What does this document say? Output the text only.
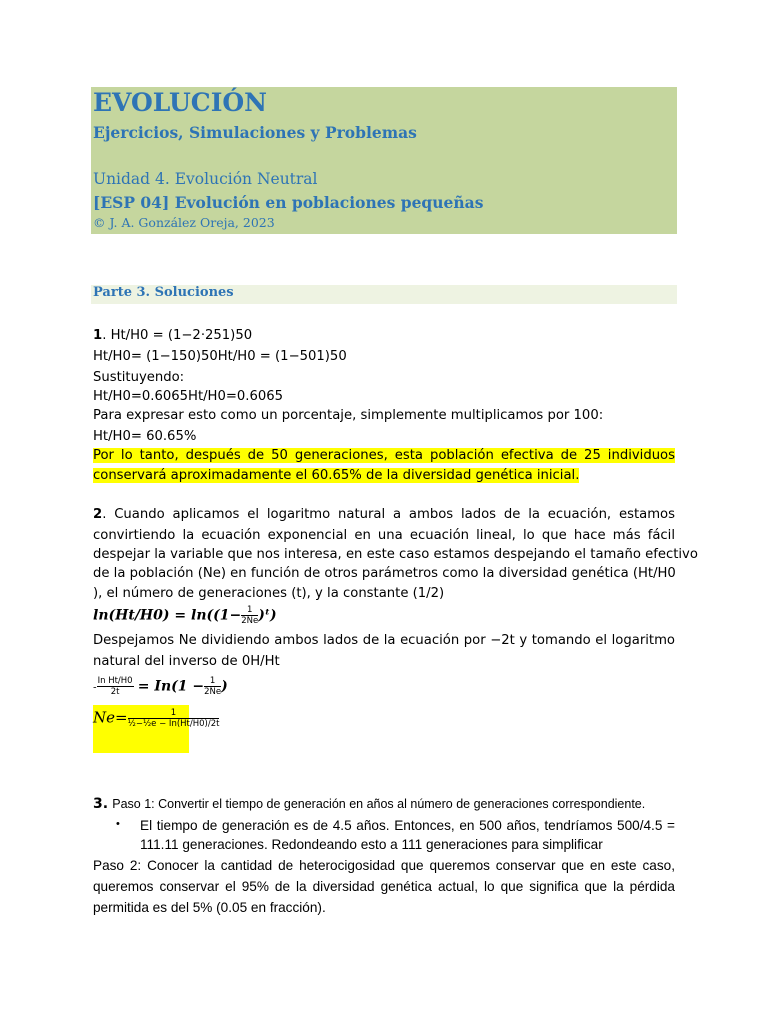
EVOLUCIÓN
Ejercicios, Simulaciones y Problemas
Unidad 4. Evolución Neutral
[ESP 04] Evolución en poblaciones pequeñas
© J. A. González Oreja, 2023
Parte 3. Soluciones
1. Ht/H0 = (1−2·251)50
Ht/H0= (1−150)50Ht/H0 = (1−501)50
Sustituyendo:
Ht/H0=0.6065Ht/H0=0.6065
Para expresar esto como un porcentaje, simplemente multiplicamos por 100:
Ht/H0= 60.65%
Por lo tanto, después de 50 generaciones, esta población efectiva de 25 individuos
conservará aproximadamente el 60.65% de la diversidad genética inicial.
2. Cuando aplicamos el logaritmo natural a ambos lados de la ecuación, estamos
convirtiendo la ecuación exponencial en una ecuación lineal, lo que hace más fácil
despejar la variable que nos interesa, en este caso estamos despejando el tamaño efectivo
de la población (Ne) en función de otros parámetros como la diversidad genética (Ht/H0
), el número de generaciones (t), y la constante (1/2)
$\ln(Ht/H0) = \ln((1- \frac{1}{2Ne}$ )ᵗ)
Despejamos Ne dividiendo ambos lados de la ecuación por −2t y tomando el logaritmo
natural del inverso de 0H/Ht
- $\frac{\text{In Ht/H0}}{2t} = In(1 - \frac{1}{2Ne}$ )
$Ne= \frac{1}{\text{½−½e − In(Ht/H0)/2t}}$
3. Paso 1: Convertir el tiempo de generación en años al número de generaciones correspondiente.
• El tiempo de generación es de 4.5 años. Entonces, en 500 años, tendríamos 500/4.5 =
111.11 generaciones. Redondeando esto a 111 generaciones para simplificar
Paso 2: Conocer la cantidad de heterocigosidad que queremos conservar que en este caso,
queremos conservar el 95% de la diversidad genética actual, lo que significa que la pérdida
permitida es del 5% (0.05 en fracción).
